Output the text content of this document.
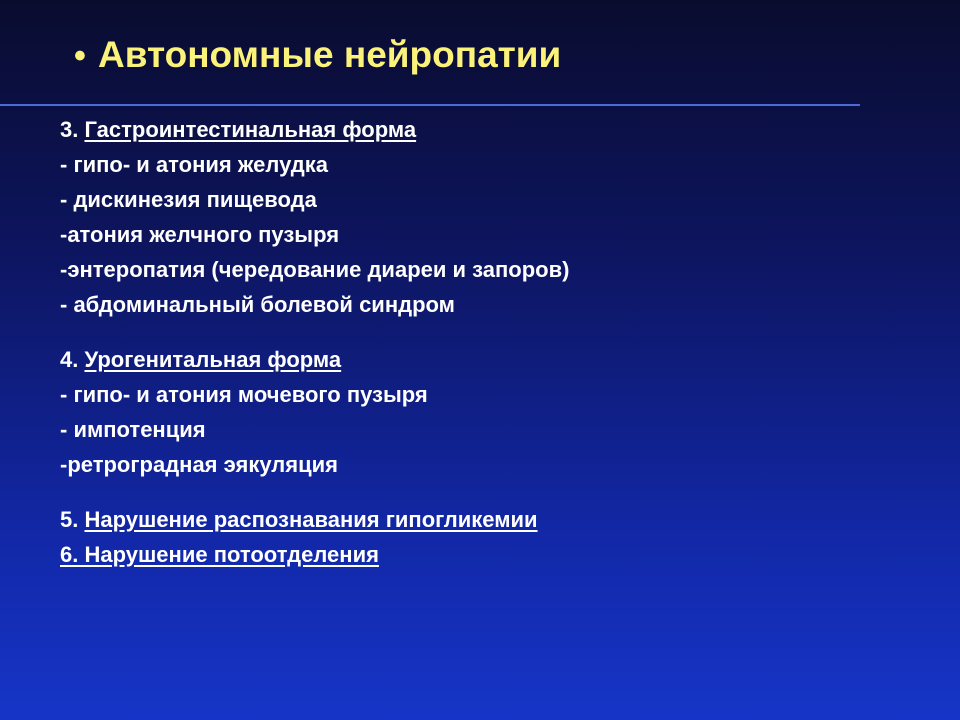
• Автономные нейропатии
3. Гастроинтестинальная форма
- гипо- и атония желудка
- дискинезия пищевода
-атония желчного пузыря
-энтеропатия (чередование диареи и запоров)
- абдоминальный болевой синдром
4. Урогенитальная форма
- гипо- и атония мочевого пузыря
- импотенция
-ретроградная эякуляция
5. Нарушение распознавания гипогликемии
6. Нарушение потоотделения
